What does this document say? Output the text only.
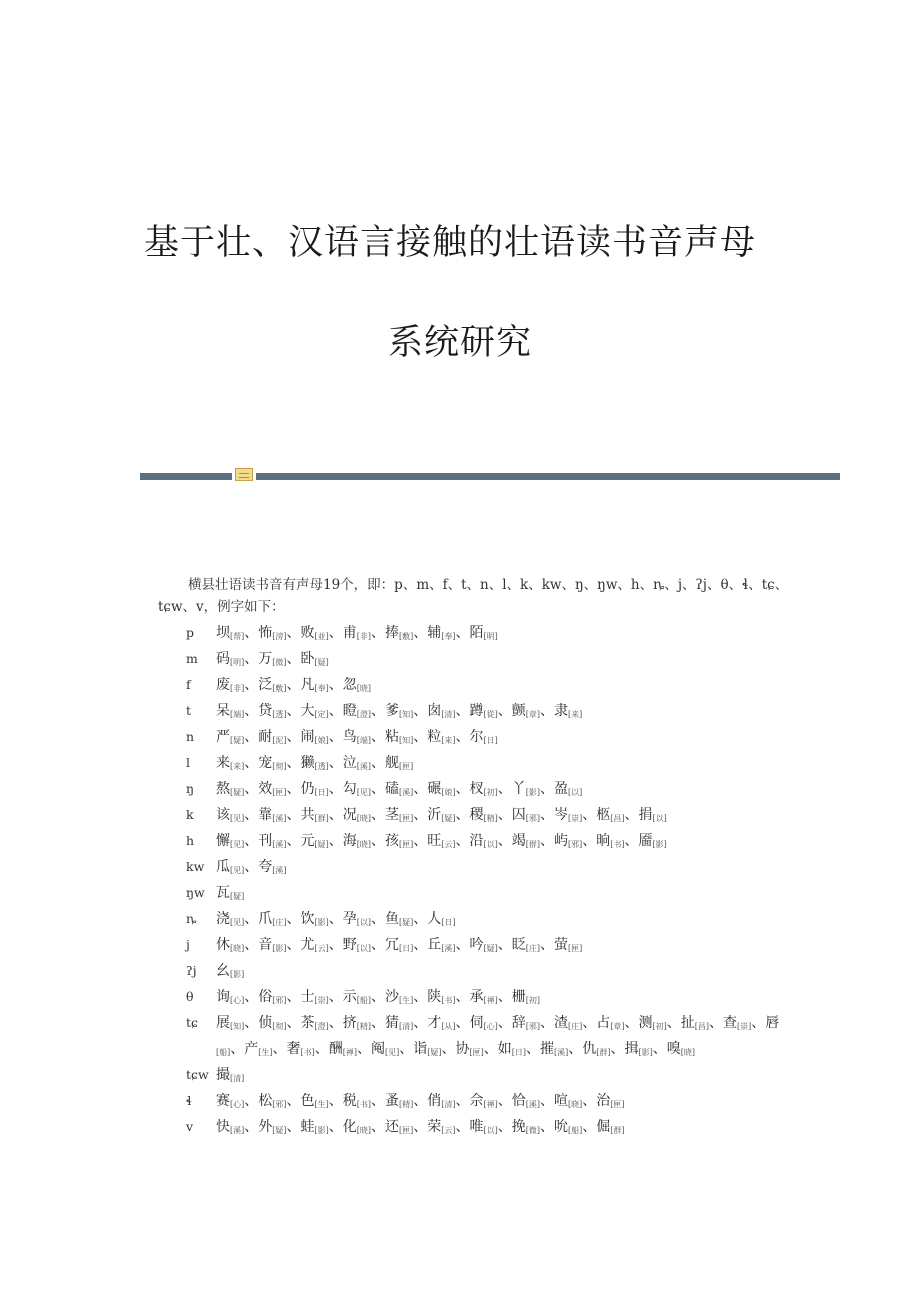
基于壮、汉语言接触的壮语读书音声母
系统研究
横县壮语读书音有声母19个，即：p、m、f、t、n、l、k、kw、ŋ、ŋw、h、ȵ、j、ʔj、θ、ɬ、tɕ、tɕw、v，例字如下：
p	坝$_{[帮]}$、怖$_{[滂]}$、败$_{[並]}$、甫$_{[非]}$、捧$_{[敷]}$、辅$_{[奉]}$、陌$_{[明]}$
m	码$_{[明]}$、万$_{[微]}$、卧$_{[疑]}$
f	废$_{[非]}$、泛$_{[敷]}$、凡$_{[奉]}$、忽$_{[晓]}$
t	呆$_{[端]}$、贷$_{[透]}$、大$_{[定]}$、瞪$_{[澄]}$、爹$_{[知]}$、囱$_{[清]}$、蹲$_{[從]}$、颤$_{[章]}$、隶$_{[来]}$
n	严$_{[疑]}$、耐$_{[泥]}$、闹$_{[娘]}$、鸟$_{[端]}$、粘$_{[知]}$、粒$_{[来]}$、尔$_{[日]}$
l	来$_{[来]}$、宠$_{[彻]}$、獭$_{[透]}$、泣$_{[溪]}$、舰$_{[匣]}$
ŋ	熬$_{[疑]}$、效$_{[匣]}$、仍$_{[日]}$、勾$_{[见]}$、磕$_{[溪]}$、碾$_{[娘]}$、杈$_{[初]}$、丫$_{[影]}$、盈$_{[以]}$
k	该$_{[见]}$、靠$_{[溪]}$、共$_{[群]}$、况$_{[晓]}$、茎$_{[匣]}$、沂$_{[疑]}$、稷$_{[精]}$、囚$_{[邪]}$、岑$_{[崇]}$、柩$_{[昌]}$、捐$_{[以]}$
h	懈$_{[见]}$、刊$_{[溪]}$、元$_{[疑]}$、海$_{[晓]}$、孩$_{[匣]}$、旺$_{[云]}$、沿$_{[以]}$、竭$_{[群]}$、屿$_{[邪]}$、晌$_{[书]}$、靥$_{[影]}$
kw 瓜$_{[见]}$、夸$_{[溪]}$
ŋw 瓦$_{[疑]}$
ȵ	浇$_{[见]}$、爪$_{[庄]}$、饮$_{[影]}$、孕$_{[以]}$、鱼$_{[疑]}$、人$_{[日]}$
j	休$_{[晓]}$、音$_{[影]}$、尤$_{[云]}$、野$_{[以]}$、冗$_{[日]}$、丘$_{[溪]}$、吟$_{[疑]}$、眨$_{[庄]}$、萤$_{[匣]}$
ʔj	幺$_{[影]}$
θ	询$_{[心]}$、俗$_{[邪]}$、士$_{[崇]}$、示$_{[船]}$、沙$_{[生]}$、陕$_{[书]}$、承$_{[禅]}$、栅$_{[初]}$
tɕ	展$_{[知]}$、侦$_{[彻]}$、茶$_{[澄]}$、挤$_{[精]}$、猜$_{[清]}$、才$_{[从]}$、伺$_{[心]}$、辞$_{[邪]}$、渣$_{[庄]}$、占$_{[章]}$、测$_{[初]}$、扯$_{[昌]}$、查$_{[崇]}$、唇$_{[船]}$、产$_{[生]}$、奢$_{[书]}$、酬$_{[禅]}$、阄$_{[见]}$、诣$_{[疑]}$、协$_{[匣]}$、如$_{[日]}$、摧$_{[溪]}$、仇$_{[群]}$、揖$_{[影]}$、嗅$_{[晓]}$
tɕw 撮$_{[清]}$
ɬ	赛$_{[心]}$、松$_{[邪]}$、色$_{[生]}$、税$_{[书]}$、蚤$_{[精]}$、俏$_{[清]}$、佘$_{[禅]}$、恰$_{[溪]}$、喧$_{[晓]}$、治$_{[匣]}$
v	快$_{[溪]}$、外$_{[疑]}$、蛙$_{[影]}$、化$_{[晓]}$、还$_{[匣]}$、荣$_{[云]}$、唯$_{[以]}$、挽$_{[微]}$、吮$_{[船]}$、倔$_{[群]}$
